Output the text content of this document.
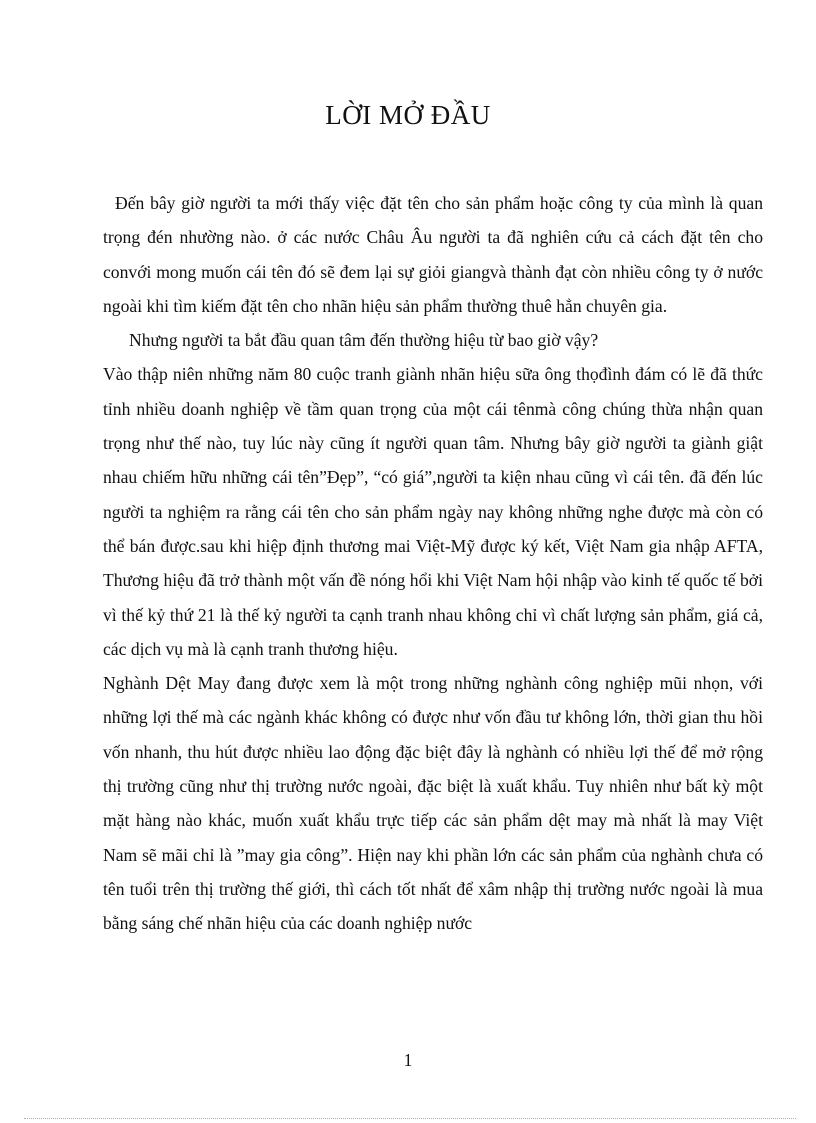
LỜI MỞ ĐẦU

Đến bây giờ người ta mới thấy việc đặt tên cho sản phẩm hoặc công ty của mình là quan trọng đén nhường nào. ở các nước Châu Âu người ta đã nghiên cứu cả cách đặt tên cho convới mong muốn cái tên đó sẽ đem lại sự giỏi giangvà thành đạt còn nhiều công ty ở nước ngoài khi tìm kiếm đặt tên cho nhãn hiệu sản phẩm thường thuê hẳn chuyên gia.

Nhưng người ta bắt đầu quan tâm đến thường hiệu từ bao giờ vậy?

Vào thập niên những năm 80 cuộc tranh giành nhãn hiệu sữa ông thọđình đám có lẽ đã thức tỉnh nhiều doanh nghiệp về tầm quan trọng của một cái tênmà công chúng thừa nhận quan trọng như thế nào, tuy lúc này cũng ít người quan tâm. Nhưng bây giờ người ta giành giật nhau chiếm hữu những cái tên”Đẹp”, “có giá”,người ta kiện nhau cũng vì cái tên. đã đến lúc người ta nghiệm ra rằng cái tên cho sản phẩm ngày nay không những nghe được mà còn có thể bán được.sau khi hiệp định thương mai Việt-Mỹ được ký kết, Việt Nam gia nhập AFTA, Thương hiệu đã trở thành một vấn đề nóng hổi khi Việt Nam hội nhập vào kinh tế quốc tế bởi vì thế kỷ thứ 21 là thế kỷ người ta cạnh tranh nhau không chỉ vì chất lượng sản phẩm, giá cả, các dịch vụ mà là cạnh tranh thương hiệu.

Nghành Dệt May đang được xem là một trong những nghành công nghiệp mũi nhọn, với những lợi thế mà các ngành khác không có được như vốn đầu tư không lớn, thời gian thu hồi vốn nhanh, thu hút được nhiều lao động đặc biệt đây là nghành có nhiều lợi thế để mở rộng thị trường cũng như thị trường nước ngoài, đặc biệt là xuất khẩu. Tuy nhiên như bất kỳ một mặt hàng nào khác, muốn xuất khẩu trực tiếp các sản phẩm dệt may mà nhất là may Việt Nam sẽ mãi chỉ là ”may gia công”. Hiện nay khi phần lớn các sản phẩm của nghành chưa có tên tuổi trên thị trường thế giới, thì cách tốt nhất để xâm nhập thị trường nước ngoài là mua bằng sáng chế nhãn hiệu của các doanh nghiệp nước

1
